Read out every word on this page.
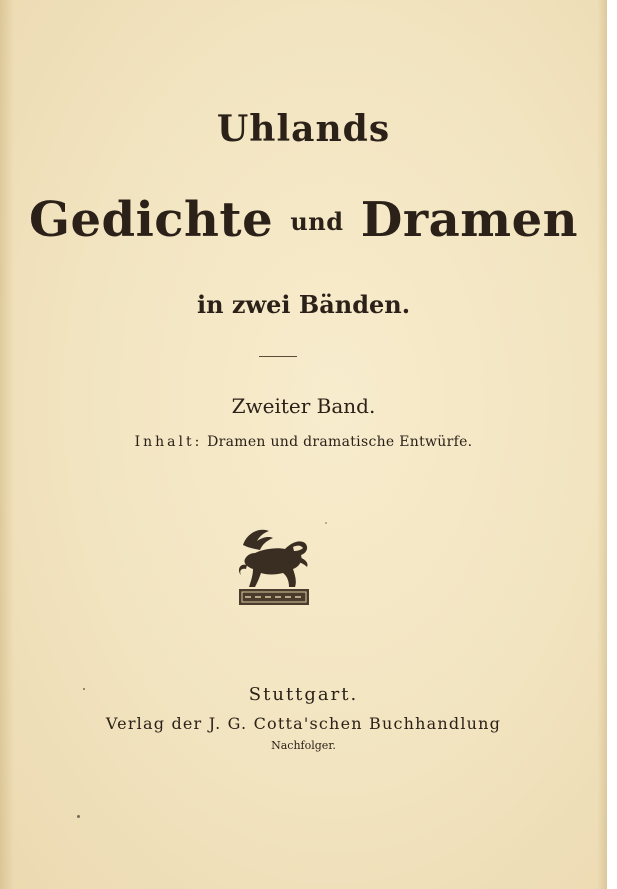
Uhlands
Gedichte und Dramen
in zwei Bänden.
Zweiter Band.
Inhalt: Dramen und dramatische Entwürfe.
Stuttgart.
Verlag der J. G. Cotta'schen Buchhandlung
Nachfolger.
